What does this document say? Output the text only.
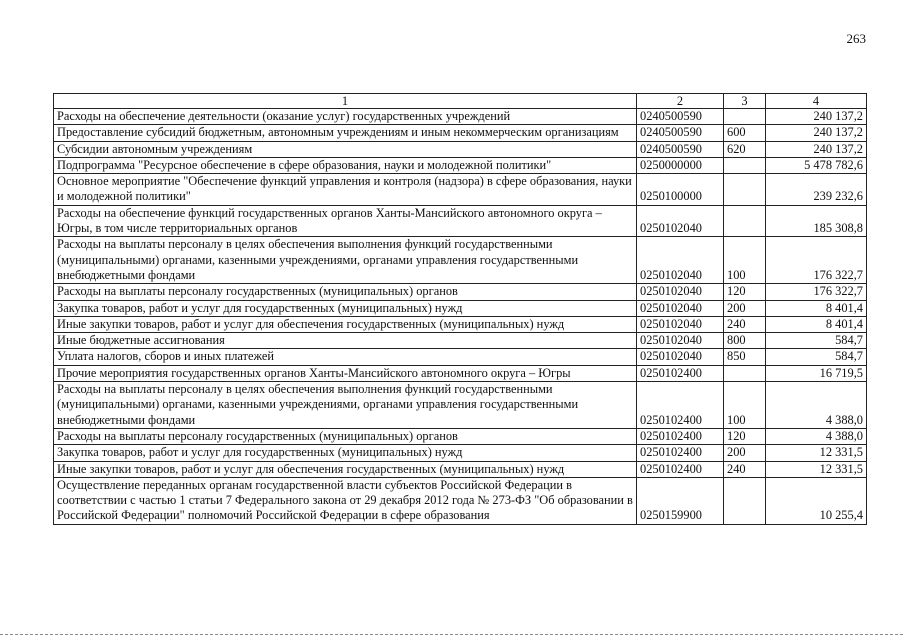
263
1	2	3	4
Расходы на обеспечение деятельности (оказание услуг) государственных учреждений	0240500590		240 137,2
Предоставление субсидий бюджетным, автономным учреждениям и иным некоммерческим организациям	0240500590	600	240 137,2
Субсидии автономным учреждениям	0240500590	620	240 137,2
Подпрограмма "Ресурсное обеспечение в сфере образования, науки и молодежной политики"	0250000000		5 478 782,6
Основное мероприятие "Обеспечение функций управления и контроля (надзора) в сфере образования, науки и молодежной политики"	0250100000		239 232,6
Расходы на обеспечение функций государственных органов Ханты-Мансийского автономного округа – Югры, в том числе территориальных органов	0250102040		185 308,8
Расходы на выплаты персоналу в целях обеспечения выполнения функций государственными (муниципальными) органами, казенными учреждениями, органами управления государственными внебюджетными фондами	0250102040	100	176 322,7
Расходы на выплаты персоналу государственных (муниципальных) органов	0250102040	120	176 322,7
Закупка товаров, работ и услуг для государственных (муниципальных) нужд	0250102040	200	8 401,4
Иные закупки товаров, работ и услуг для обеспечения государственных (муниципальных) нужд	0250102040	240	8 401,4
Иные бюджетные ассигнования	0250102040	800	584,7
Уплата налогов, сборов и иных платежей	0250102040	850	584,7
Прочие мероприятия государственных органов Ханты-Мансийского автономного округа – Югры	0250102400		16 719,5
Расходы на выплаты персоналу в целях обеспечения выполнения функций государственными (муниципальными) органами, казенными учреждениями, органами управления государственными внебюджетными фондами	0250102400	100	4 388,0
Расходы на выплаты персоналу государственных (муниципальных) органов	0250102400	120	4 388,0
Закупка товаров, работ и услуг для государственных (муниципальных) нужд	0250102400	200	12 331,5
Иные закупки товаров, работ и услуг для обеспечения государственных (муниципальных) нужд	0250102400	240	12 331,5
Осуществление переданных органам государственной власти субъектов Российской Федерации в соответствии с частью 1 статьи 7 Федерального закона от 29 декабря 2012 года № 273-ФЗ "Об образовании в Российской Федерации" полномочий Российской Федерации в сфере образования	0250159900		10 255,4
